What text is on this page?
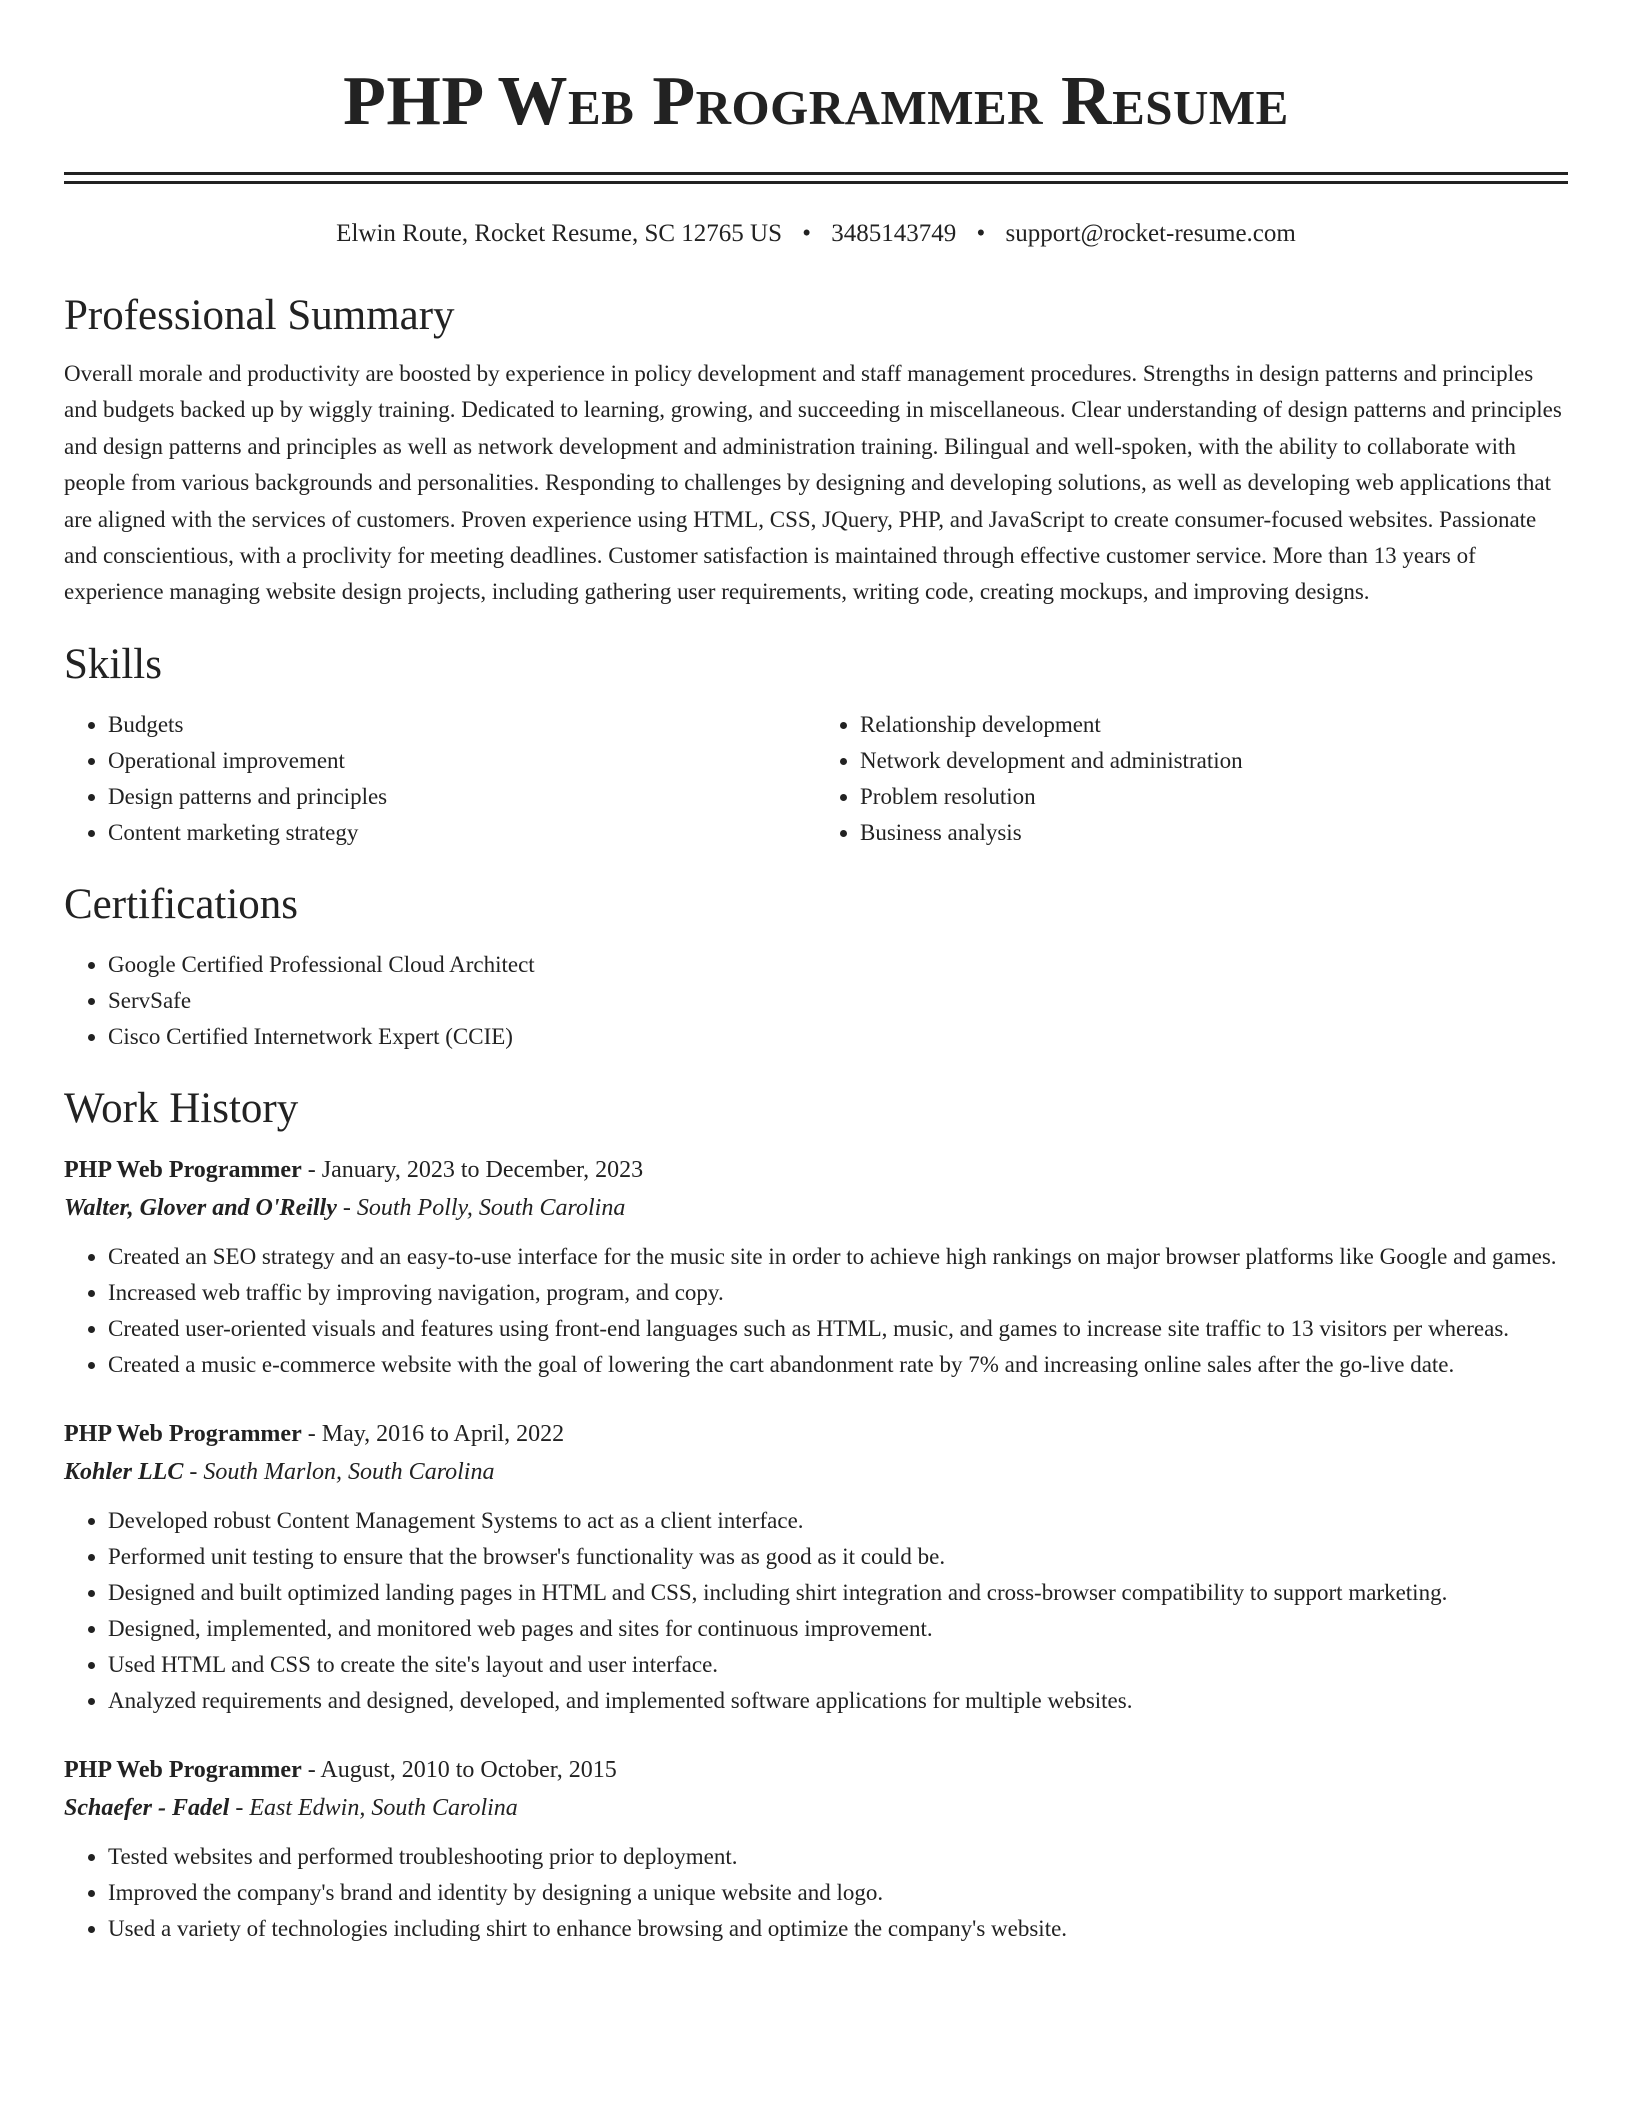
PHP Web Programmer Resume
Elwin Route, Rocket Resume, SC 12765 US • 3485143749 • support@rocket-resume.com
Professional Summary

Overall morale and productivity are boosted by experience in policy development and staff management procedures. Strengths in design patterns and principles and budgets backed up by wiggly training. Dedicated to learning, growing, and succeeding in miscellaneous. Clear understanding of design patterns and principles and design patterns and principles as well as network development and administration training. Bilingual and well-spoken, with the ability to collaborate with people from various backgrounds and personalities. Responding to challenges by designing and developing solutions, as well as developing web applications that are aligned with the services of customers. Proven experience using HTML, CSS, JQuery, PHP, and JavaScript to create consumer-focused websites. Passionate and conscientious, with a proclivity for meeting deadlines. Customer satisfaction is maintained through effective customer service. More than 13 years of experience managing website design projects, including gathering user requirements, writing code, creating mockups, and improving designs.

Skills
• Budgets
• Operational improvement
• Design patterns and principles
• Content marketing strategy
• Relationship development
• Network development and administration
• Problem resolution
• Business analysis
Certifications
• Google Certified Professional Cloud Architect
• ServSafe
• Cisco Certified Internetwork Expert (CCIE)
Work History
PHP Web Programmer - January, 2023 to December, 2023
Walter, Glover and O'Reilly - South Polly, South Carolina
• Created an SEO strategy and an easy-to-use interface for the music site in order to achieve high rankings on major browser platforms like Google and games.
• Increased web traffic by improving navigation, program, and copy.
• Created user-oriented visuals and features using front-end languages such as HTML, music, and games to increase site traffic to 13 visitors per whereas.
• Created a music e-commerce website with the goal of lowering the cart abandonment rate by 7% and increasing online sales after the go-live date.
PHP Web Programmer - May, 2016 to April, 2022
Kohler LLC - South Marlon, South Carolina
• Developed robust Content Management Systems to act as a client interface.
• Performed unit testing to ensure that the browser's functionality was as good as it could be.
• Designed and built optimized landing pages in HTML and CSS, including shirt integration and cross-browser compatibility to support marketing.
• Designed, implemented, and monitored web pages and sites for continuous improvement.
• Used HTML and CSS to create the site's layout and user interface.
• Analyzed requirements and designed, developed, and implemented software applications for multiple websites.
PHP Web Programmer - August, 2010 to October, 2015
Schaefer - Fadel - East Edwin, South Carolina
• Tested websites and performed troubleshooting prior to deployment.
• Improved the company's brand and identity by designing a unique website and logo.
• Used a variety of technologies including shirt to enhance browsing and optimize the company's website.
